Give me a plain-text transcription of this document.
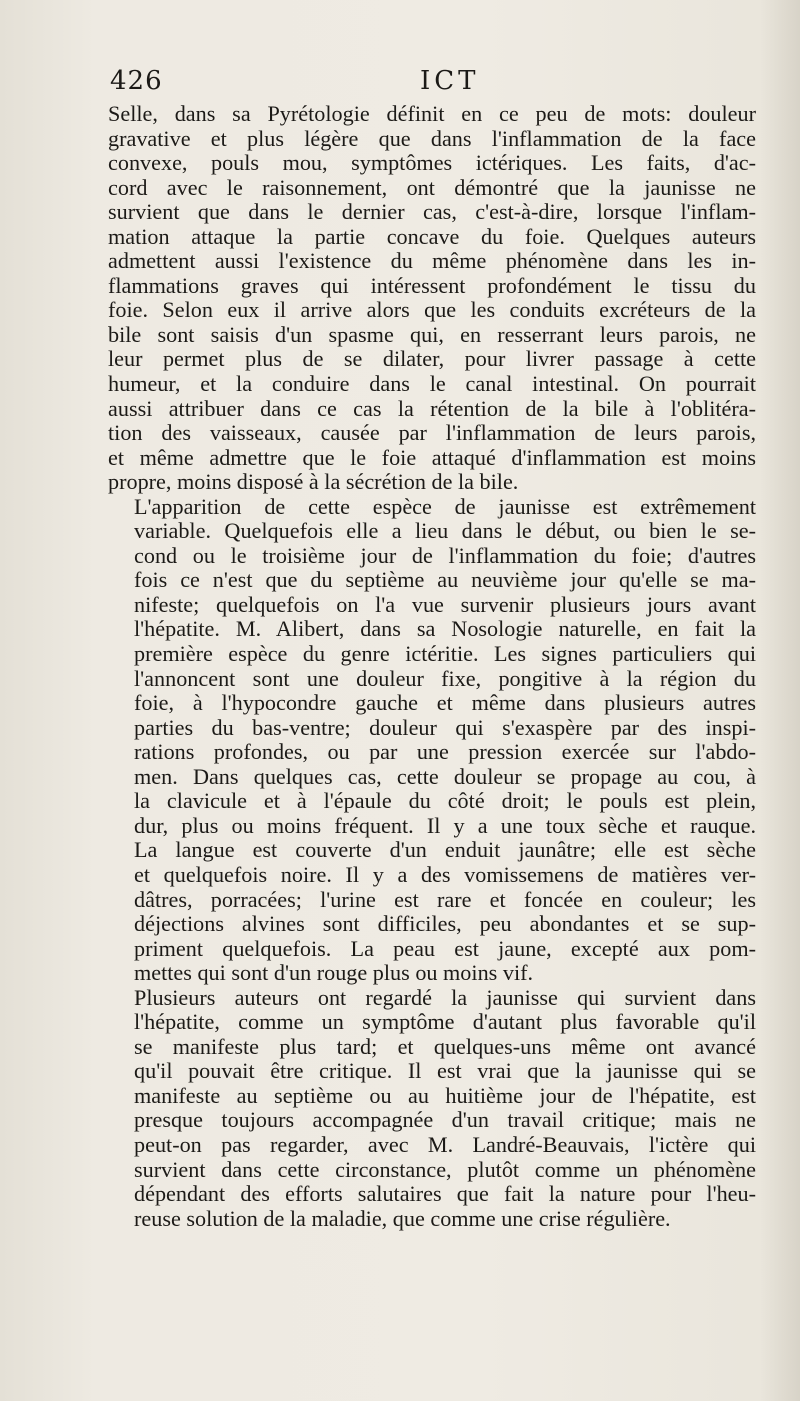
426	ICT

Selle, dans sa Pyrétologie définit en ce peu de mots: douleur
gravative et plus légère que dans l'inflammation de la face
convexe, pouls mou, symptômes ictériques. Les faits, d'ac-
cord avec le raisonnement, ont démontré que la jaunisse ne
survient que dans le dernier cas, c'est-à-dire, lorsque l'inflam-
mation attaque la partie concave du foie. Quelques auteurs
admettent aussi l'existence du même phénomène dans les in-
flammations graves qui intéressent profondément le tissu du
foie. Selon eux il arrive alors que les conduits excréteurs de la
bile sont saisis d'un spasme qui, en resserrant leurs parois, ne
leur permet plus de se dilater, pour livrer passage à cette
humeur, et la conduire dans le canal intestinal. On pourrait
aussi attribuer dans ce cas la rétention de la bile à l'oblitéra-
tion des vaisseaux, causée par l'inflammation de leurs parois,
et même admettre que le foie attaqué d'inflammation est moins
propre, moins disposé à la sécrétion de la bile.

L'apparition de cette espèce de jaunisse est extrêmement
variable. Quelquefois elle a lieu dans le début, ou bien le se-
cond ou le troisième jour de l'inflammation du foie; d'autres
fois ce n'est que du septième au neuvième jour qu'elle se ma-
nifeste; quelquefois on l'a vue survenir plusieurs jours avant
l'hépatite. M. Alibert, dans sa Nosologie naturelle, en fait la
première espèce du genre ictéritie. Les signes particuliers qui
l'annoncent sont une douleur fixe, pongitive à la région du
foie, à l'hypocondre gauche et même dans plusieurs autres
parties du bas-ventre; douleur qui s'exaspère par des inspi-
rations profondes, ou par une pression exercée sur l'abdo-
men. Dans quelques cas, cette douleur se propage au cou, à
la clavicule et à l'épaule du côté droit; le pouls est plein,
dur, plus ou moins fréquent. Il y a une toux sèche et rauque.
La langue est couverte d'un enduit jaunâtre; elle est sèche
et quelquefois noire. Il y a des vomissemens de matières ver-
dâtres, porracées; l'urine est rare et foncée en couleur; les
déjections alvines sont difficiles, peu abondantes et se sup-
priment quelquefois. La peau est jaune, excepté aux pom-
mettes qui sont d'un rouge plus ou moins vif.

Plusieurs auteurs ont regardé la jaunisse qui survient dans
l'hépatite, comme un symptôme d'autant plus favorable qu'il
se manifeste plus tard; et quelques-uns même ont avancé
qu'il pouvait être critique. Il est vrai que la jaunisse qui se
manifeste au septième ou au huitième jour de l'hépatite, est
presque toujours accompagnée d'un travail critique; mais ne
peut-on pas regarder, avec M. Landré-Beauvais, l'ictère qui
survient dans cette circonstance, plutôt comme un phénomène
dépendant des efforts salutaires que fait la nature pour l'heu-
reuse solution de la maladie, que comme une crise régulière.
